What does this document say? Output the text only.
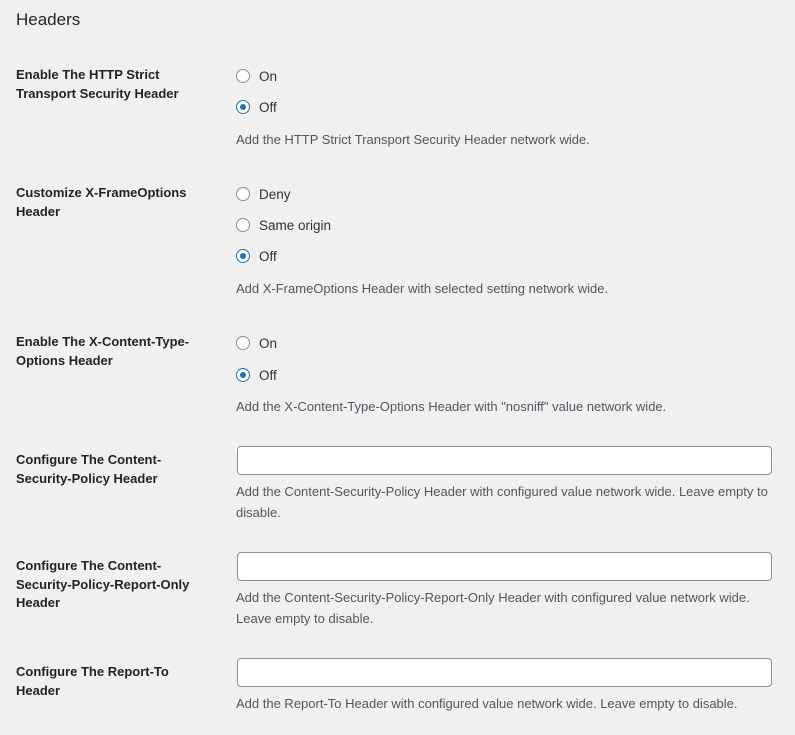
Headers
Enable The HTTP Strict Transport Security Header
On
Off
Add the HTTP Strict Transport Security Header network wide.
Customize X-FrameOptions Header
Deny
Same origin
Off
Add X-FrameOptions Header with selected setting network wide.
Enable The X-Content-Type-Options Header
On
Off
Add the X-Content-Type-Options Header with "nosniff" value network wide.
Configure The Content-Security-Policy Header
Add the Content-Security-Policy Header with configured value network wide. Leave empty to disable.
Configure The Content-Security-Policy-Report-Only Header	Add the Content-Security-Policy-Report-Only Header with configured value network wide. Leave empty to disable.
Configure The Report-To Header
Add the Report-To Header with configured value network wide. Leave empty to disable.
